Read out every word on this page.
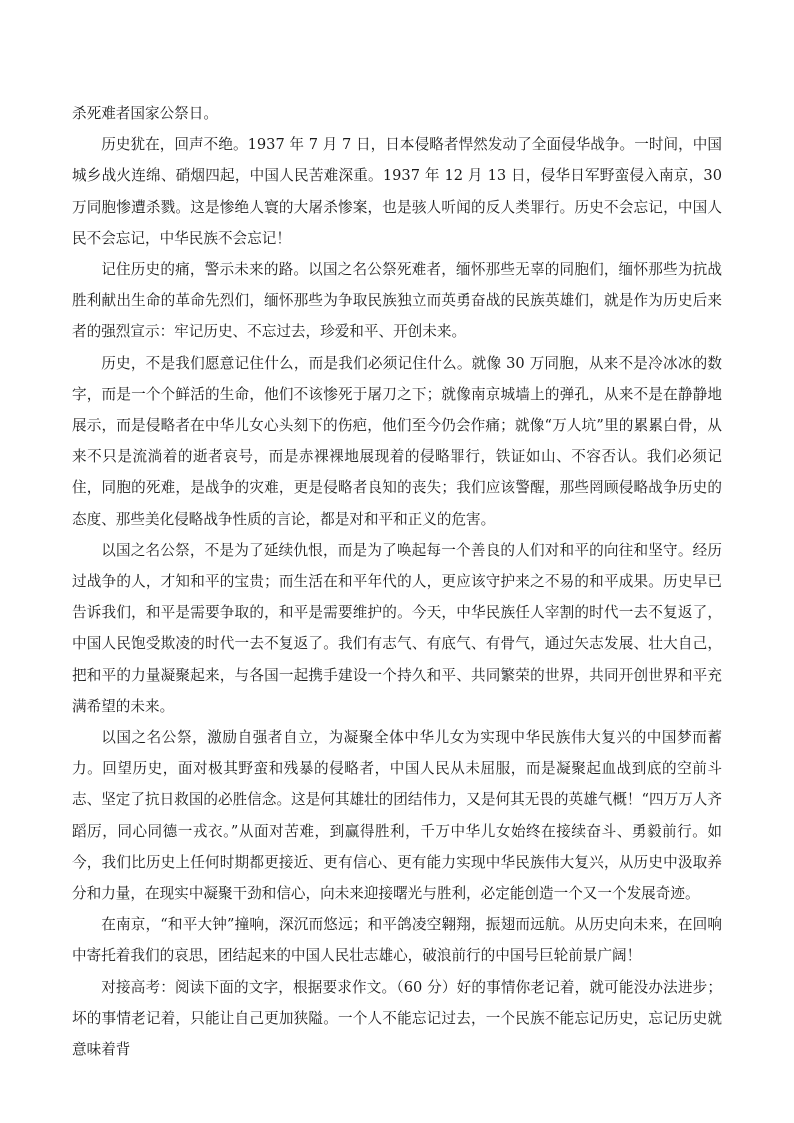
杀死难者国家公祭日。

历史犹在，回声不绝。1937 年 7 月 7 日，日本侵略者悍然发动了全面侵华战争。一时间，中国城乡战火连绵、硝烟四起，中国人民苦难深重。1937 年 12 月 13 日，侵华日军野蛮侵入南京，30 万同胞惨遭杀戮。这是惨绝人寰的大屠杀惨案，也是骇人听闻的反人类罪行。历史不会忘记，中国人民不会忘记，中华民族不会忘记！

记住历史的痛，警示未来的路。以国之名公祭死难者，缅怀那些无辜的同胞们，缅怀那些为抗战胜利献出生命的革命先烈们，缅怀那些为争取民族独立而英勇奋战的民族英雄们，就是作为历史后来者的强烈宣示：牢记历史、不忘过去，珍爱和平、开创未来。

历史，不是我们愿意记住什么，而是我们必须记住什么。就像 30 万同胞，从来不是冷冰冰的数字，而是一个个鲜活的生命，他们不该惨死于屠刀之下；就像南京城墙上的弹孔，从来不是在静静地展示，而是侵略者在中华儿女心头刻下的伤疤，他们至今仍会作痛；就像“万人坑”里的累累白骨，从来不只是流淌着的逝者哀号，而是赤裸裸地展现着的侵略罪行，铁证如山、不容否认。我们必须记住，同胞的死难，是战争的灾难，更是侵略者良知的丧失；我们应该警醒，那些罔顾侵略战争历史的态度、那些美化侵略战争性质的言论，都是对和平和正义的危害。

以国之名公祭，不是为了延续仇恨，而是为了唤起每一个善良的人们对和平的向往和坚守。经历过战争的人，才知和平的宝贵；而生活在和平年代的人，更应该守护来之不易的和平成果。历史早已告诉我们，和平是需要争取的，和平是需要维护的。今天，中华民族任人宰割的时代一去不复返了，中国人民饱受欺凌的时代一去不复返了。我们有志气、有底气、有骨气，通过矢志发展、壮大自己，把和平的力量凝聚起来，与各国一起携手建设一个持久和平、共同繁荣的世界，共同开创世界和平充满希望的未来。

以国之名公祭，激励自强者自立，为凝聚全体中华儿女为实现中华民族伟大复兴的中国梦而蓄力。回望历史，面对极其野蛮和残暴的侵略者，中国人民从未屈服，而是凝聚起血战到底的空前斗志、坚定了抗日救国的必胜信念。这是何其雄壮的团结伟力，又是何其无畏的英雄气概！“四万万人齐蹈厉，同心同德一戎衣。”从面对苦难，到赢得胜利，千万中华儿女始终在接续奋斗、勇毅前行。如今，我们比历史上任何时期都更接近、更有信心、更有能力实现中华民族伟大复兴，从历史中汲取养分和力量，在现实中凝聚干劲和信心，向未来迎接曙光与胜利，必定能创造一个又一个发展奇迹。

在南京，“和平大钟”撞响，深沉而悠远；和平鸽凌空翱翔，振翅而远航。从历史向未来，在回响中寄托着我们的哀思，团结起来的中国人民壮志雄心，破浪前行的中国号巨轮前景广阔！

对接高考：阅读下面的文字，根据要求作文。（60 分）好的事情你老记着，就可能没办法进步；坏的事情老记着，只能让自己更加狭隘。一个人不能忘记过去，一个民族不能忘记历史，忘记历史就意味着背
